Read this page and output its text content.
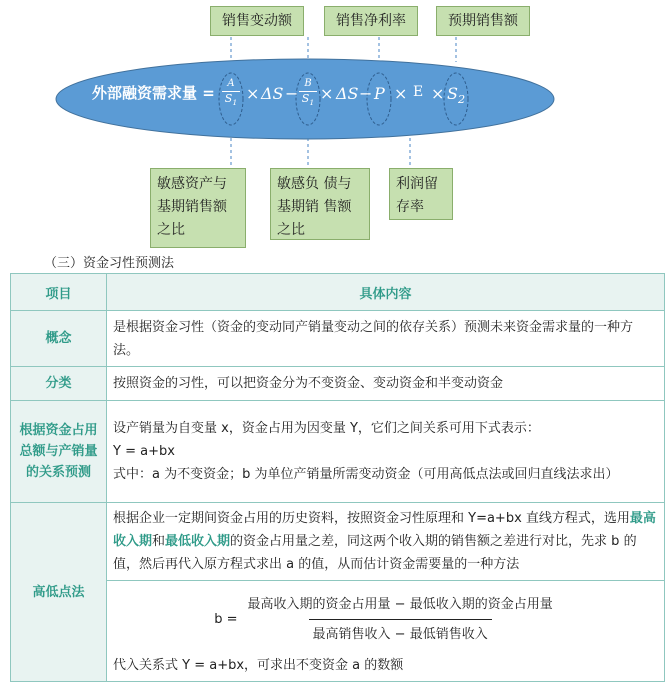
销售变动额	销售净利率	预期销售额
外部融资需求量 =
A
$S_1 \times \Delta S$ −
B
$S_1 \times \Delta S - P \times E \times S_2$
敏感资产与基期销售额之比
敏感负 债与基期销 售额之比
利润留存率
（三）资金习性预测法
项目	具体内容
概念	是根据资金习性（资金的变动同产销量变动之间的依存关系）预测未来资金需求量的一种方法。
分类	按照资金的习性，可以把资金分为不变资金、变动资金和半变动资金
根据资金占用总额与产销量的关系预测	设产销量为自变量 x，资金占用为因变量 Y，它们之间关系可用下式表示：
Y = a+bx
式中：a 为不变资金；b 为单位产销量所需变动资金（可用高低点法或回归直线法求出）

高低点法	根据企业一定期间资金占用的历史资料，按照资金习性原理和 Y=a+bx 直线方程式，选用最高收入期和最低收入期的资金占用量之差，同这两个收入期的销售额之差进行对比，先求 b 的值，然后再代入原方程式求出 a 的值，从而估计资金需要量的一种方法

	b =
最高收入期的资金占用量 − 最低收入期的资金占用量
最高销售收入 − 最低销售收入
代入关系式 Y = a+bx，可求出不变资金 a 的数额
